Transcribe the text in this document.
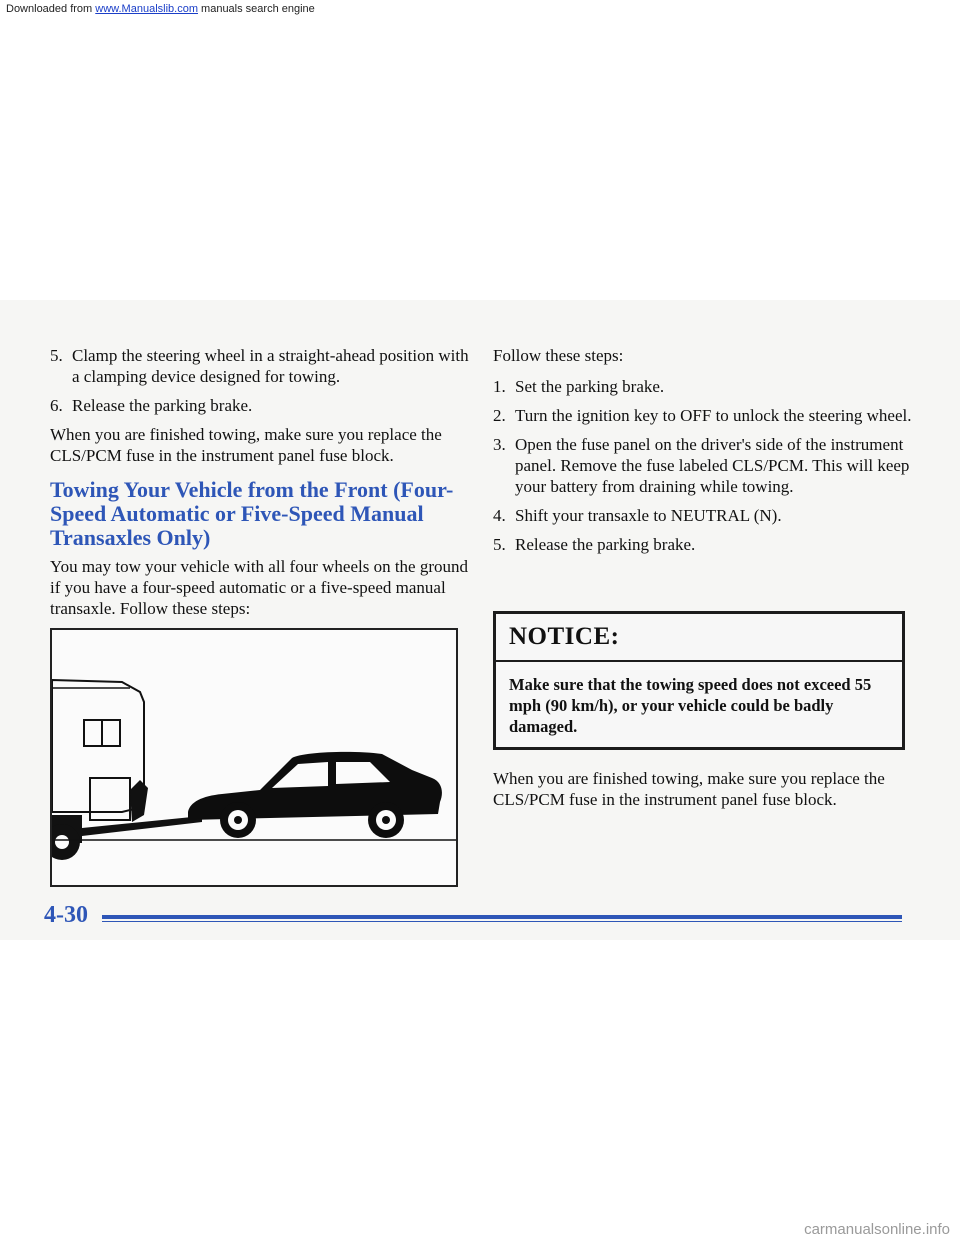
Downloaded from www.Manualslib.com manuals search engine
5. Clamp the steering wheel in a straight-ahead position with a clamping device designed for towing.
6. Release the parking brake.

When you are finished towing, make sure you replace the CLS/PCM fuse in the instrument panel fuse block.

Towing Your Vehicle from the Front (Four-Speed Automatic or Five-Speed Manual Transaxles Only)

You may tow your vehicle with all four wheels on the ground if you have a four-speed automatic or a five-speed manual transaxle. Follow these steps:

Follow these steps:

1. Set the parking brake.
2. Turn the ignition key to OFF to unlock the steering wheel.
3. Open the fuse panel on the driver's side of the instrument panel. Remove the fuse labeled CLS/PCM. This will keep your battery from draining while towing.
4. Shift your transaxle to NEUTRAL (N).
5. Release the parking brake.
NOTICE:
Make sure that the towing speed does not exceed 55 mph (90 km/h), or your vehicle could be badly damaged.
When you are finished towing, make sure you replace the CLS/PCM fuse in the instrument panel fuse block.
4-30
carmanualsonline.info
